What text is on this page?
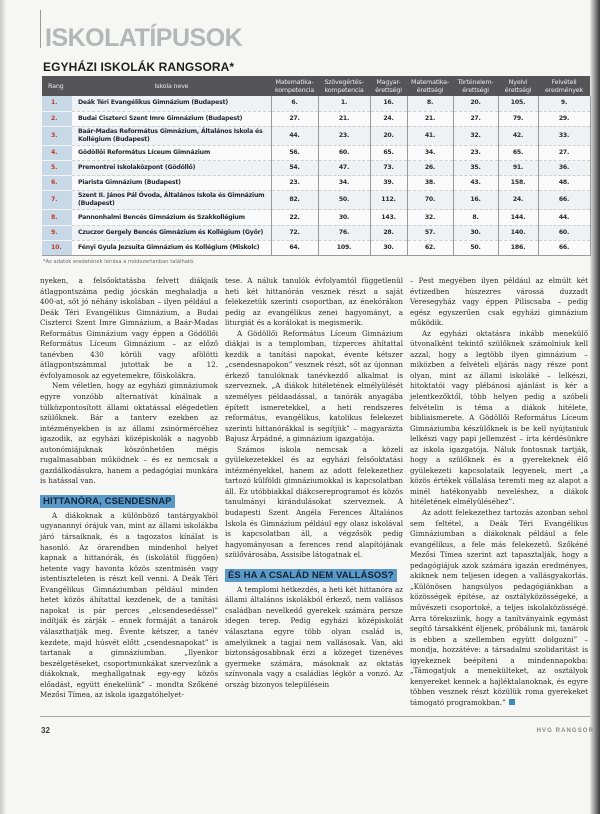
ISKOLATÍPUSOK
EGYHÁZI ISKOLÁK RANGSORA*
Rang	Iskola neve	Matematika-kompetencia	Szövegértés-kompetencia	Magyar-érettségi	Matematika-érettségi	Történelem-érettségi	Nyelvi érettségi	Felvételi eredmények
1.	Deák Téri Evangélikus Gimnázium (Budapest)	6.	1.	16.	8.	20.	105.	9.
2.	Budai Ciszterci Szent Imre Gimnázium (Budapest)	27.	21.	24.	21.	27.	79.	29.
3.	Baár-Madas Református Gimnázium, Általános Iskola és Kollégium (Budapest)	44.	23.	20.	41.	32.	42.	33.
4.	Gödöllői Református Líceum Gimnázium	56.	60.	65.	34.	23.	65.	27.
5.	Premontrei Iskolaközpont (Gödöllő)	54.	47.	73.	26.	35.	91.	36.
6.	Piarista Gimnázium (Budapest)	23.	34.	39.	38.	43.	158.	48.
7.	Szent II. János Pál Óvoda, Általános Iskola és Gimnázium (Budapest)	82.	50.	112.	70.	16.	24.	66.
8.	Pannonhalmi Bencés Gimnázium és Szakkollégium	22.	30.	143.	32.	8.	144.	44.
9.	Czuczor Gergely Bencés Gimnázium és Kollégium (Győr)	72.	76.	28.	57.	30.	140.	60.
10.	Fényi Gyula Jezsuita Gimnázium és Kollégium (Miskolc)	64.	109.	30.	62.	50.	186.	66.
*Az adatok eredetének leírása a módszertanban található.

nyeken, a felsőoktatásba felvett diákjaik átlagpontszáma pedig jócskán meghaladja a 400-at, sőt jó néhány iskolában – ilyen például a Deák Téri Evangélikus Gimnázium, a Budai Ciszterci Szent Imre Gimnázium, a Baár-Madas Református Gimnázium vagy éppen a Gödöllői Református Líceum Gimnázium – az előző tanévben 430 körüli vagy afölötti átlagpontszámmal jutottak be a 12. évfolyamosok az egyetemekre, főiskolákra.

Nem véletlen, hogy az egyházi gimnáziumok egyre vonzóbb alternatívát kínálnak a túlközpontosított állami oktatással elégedetlen szülőknek. Bár a tanterv ezekben az intézményekben is az állami zsinórmércéhez igazodik, az egyházi középiskolák a nagyobb autonómiájuknak köszönhetően mégis rugalmasabban működnek – és ez nemcsak a gazdálkodásukra, hanem a pedagógiai munkára is hatással van.

HITTANÓRA, CSENDESNAP

A diákoknak a különböző tantárgyakból ugyanannyi órájuk van, mint az állami iskolákba járó társaiknak, és a tagozatos kínálat is hasonló. Az órarendben mindenhol helyet kapnak a hittanórák, és (iskolától függően) hetente vagy havonta közös szentmisén vagy istentiszteleten is részt kell venni. A Deák Téri Evangélikus Gimnáziumban például minden hetet közös áhítattal kezdenek, de a tanítási napokat is pár perces „elcsendesedéssel” indítják és zárják – ennek formáját a tanárok választhatják meg. Évente kétszer, a tanév kezdete, majd húsvét előtt „csendesnapokat” is tartanak a gimnáziumban. „Ilyenkor beszélgetéseket, csoportmunkákat szervezünk a diákoknak, meghallgatnak egy-egy közös előadást, együtt énekelünk” – mondta Szőkéné Mezősi Tímea, az iskola igazgatóhelyet-

tese. A náluk tanulók évfolyamtól függetlenül heti két hittanórán vesznek részt a saját felekezetük szerinti csoportban, az énekórákon pedig az evangélikus zenei hagyományt, a liturgiát és a korálokat is megismerik.

A Gödöllői Református Líceum Gimnázium diákjai is a templomban, tízperces áhítattal kezdik a tanítási napokat, évente kétszer „csendesnapokon” vesznek részt, sőt az újonnan érkező tanulóknak tanévkezdő alkalmat is szerveznek. „A diákok hitéletének elmélyülését személyes példaadással, a tanórák anyagába épített ismeretekkel, a heti rendszeres református, evangélikus, katolikus felekezet szerinti hittanórákkal is segítjük” – magyarázta Bajusz Árpádné, a gimnázium igazgatója.

Számos iskola nemcsak a közeli gyülekezetekkel és az egyházi felsőoktatási intézményekkel, hanem az adott felekezethez tartozó külföldi gimnáziumokkal is kapcsolatban áll. Ez utóbbiakkal diákcsereprogramot és közös tanulmányi kirándulásokat szerveznek. A budapesti Szent Angéla Ferences Általános Iskola és Gimnázium például egy olasz iskolával is kapcsolatban áll, a végzősök pedig hagyományosan a ferences rend alapítójának szülővárosába, Assisibe látogatnak el.

ÉS HA A CSALÁD NEM VALLÁSOS?

A templomi hétkezdés, a heti két hittanóra az állami általános iskolákból érkező, nem vallásos családban nevelkedő gyerekek számára persze idegen terep. Pedig egyházi középiskolát választana egyre több olyan család is, amelyiknek a tagjai nem vallásosak. Van, aki biztonságosabbnak érzi a közeget tizenéves gyermeke számára, másoknak az oktatás színvonala vagy a családias légkör a vonzó. Az ország bizonyos településein

– Pest megyében ilyen például az elmúlt két évtizedben húszezres várossá duzzadt Veresegyház vagy éppen Piliscsaba – pedig egész egyszerűen csak egyházi gimnázium működik.

Az egyházi oktatásra inkább menekülő útvonalként tekintő szülőknek számolniuk kell azzal, hogy a legtöbb ilyen gimnázium – miközben a felvételi eljárás nagy része pont olyan, mint az állami iskoláké – lelkészi, hitoktatói vagy plébánosi ajánlást is kér a jelentkezőktől, több helyen pedig a szóbeli felvételin is téma a diákok hitélete, bibliaismerete. A Gödöllői Református Líceum Gimnáziumba készülőknek is be kell nyújtaniuk lelkészi vagy papi jellemzést – írta kérdésünkre az iskola igazgatója. Náluk fontosnak tartják, hogy a szülőknek és a gyerekeknek élő gyülekezeti kapcsolataik legyenek, mert „a közös értékek vállalása teremti meg az alapot a minél hatékonyabb neveléshez, a diákok hitéletének elmélyüléséhez”.

Az adott felekezethez tartozás azonban sehol sem feltétel, a Deák Téri Evangélikus Gimnáziumban a diákoknak például a fele evangélikus, a fele más felekezetű. Szőkéné Mezősi Tímea szerint azt tapasztalják, hogy a pedagógiájuk azok számára igazán eredményes, akiknek nem teljesen idegen a vallásgyakorlás. „Különösen hangsúlyos pedagógiánkban a közösségek építése, az osztályközösségeké, a művészeti csoportoké, a teljes iskolaközösségé. Arra törekszünk, hogy a tanítványaink egymást segítő társakként éljenek, próbálunk mi, tanárok is ebben a szellemben együtt dolgozni” – mondja, hozzátéve: a társadalmi szolidaritást is igyekeznek beépíteni a mindennapokba: „Támogatjuk a menekülteket, az osztályok kenyereket kennek a hajléktalanoknak, és egyre többen vesznek részt közülük roma gyerekeket támogató programokban.”

32	HVG RANGSOR
